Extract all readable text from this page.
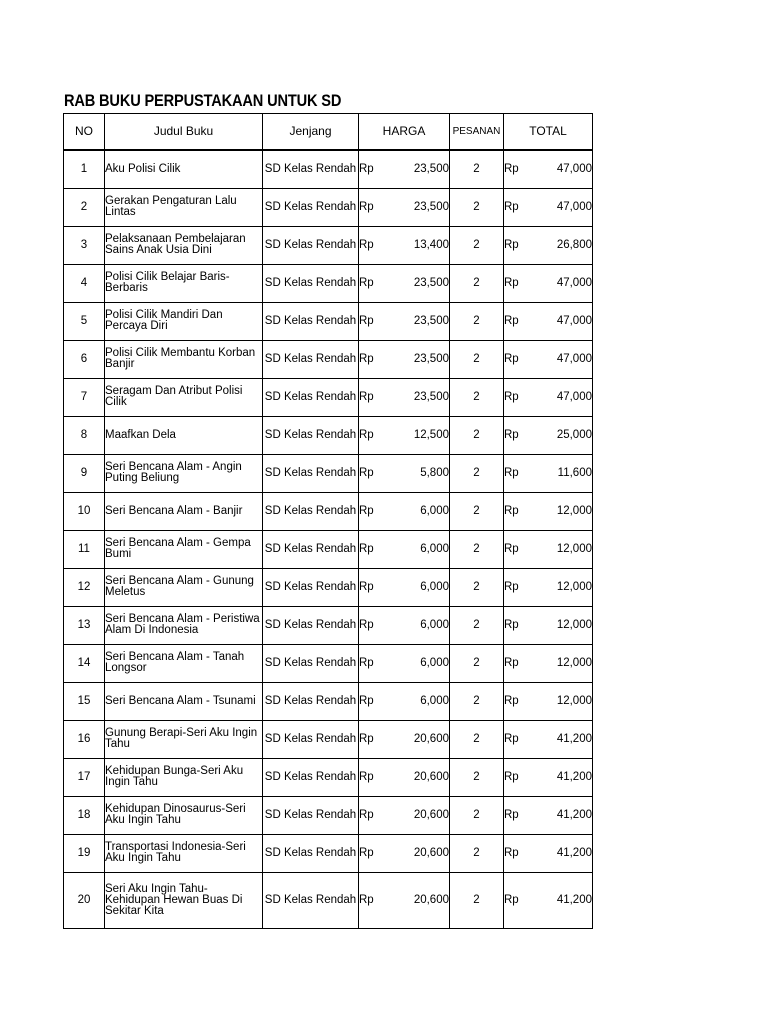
RAB BUKU PERPUSTAKAAN UNTUK SD
NO	Judul Buku	Jenjang	HARGA		PESANAN	TOTAL	
1	Aku Polisi Cilik	SD Kelas Rendah	Rp	23,500	2	Rp	47,000
2	Gerakan Pengaturan Lalu Lintas	SD Kelas Rendah	Rp	23,500	2	Rp	47,000
3	Pelaksanaan Pembelajaran Sains Anak Usia Dini	SD Kelas Rendah	Rp	13,400	2	Rp	26,800
4	Polisi Cilik Belajar Baris-Berbaris	SD Kelas Rendah	Rp	23,500	2	Rp	47,000
5	Polisi Cilik Mandiri Dan Percaya Diri	SD Kelas Rendah	Rp	23,500	2	Rp	47,000
6	Polisi Cilik Membantu Korban Banjir	SD Kelas Rendah	Rp	23,500	2	Rp	47,000
7	Seragam Dan Atribut Polisi Cilik	SD Kelas Rendah	Rp	23,500	2	Rp	47,000
8	Maafkan Dela	SD Kelas Rendah	Rp	12,500	2	Rp	25,000
9	Seri Bencana Alam - Angin Puting Beliung	SD Kelas Rendah	Rp	5,800	2	Rp	11,600
10	Seri Bencana Alam - Banjir	SD Kelas Rendah	Rp	6,000	2	Rp	12,000
11	Seri Bencana Alam - Gempa Bumi	SD Kelas Rendah	Rp	6,000	2	Rp	12,000
12	Seri Bencana Alam - Gunung Meletus	SD Kelas Rendah	Rp	6,000	2	Rp	12,000
13	Seri Bencana Alam - Peristiwa Alam Di Indonesia	SD Kelas Rendah	Rp	6,000	2	Rp	12,000
14	Seri Bencana Alam - Tanah Longsor	SD Kelas Rendah	Rp	6,000	2	Rp	12,000
15	Seri Bencana Alam - Tsunami	SD Kelas Rendah	Rp	6,000	2	Rp	12,000
16	Gunung Berapi-Seri Aku Ingin Tahu	SD Kelas Rendah	Rp	20,600	2	Rp	41,200
17	Kehidupan Bunga-Seri Aku Ingin Tahu	SD Kelas Rendah	Rp	20,600	2	Rp	41,200
18	Kehidupan Dinosaurus-Seri Aku Ingin Tahu	SD Kelas Rendah	Rp	20,600	2	Rp	41,200
19	Transportasi Indonesia-Seri Aku Ingin Tahu	SD Kelas Rendah	Rp	20,600	2	Rp	41,200
20	Seri Aku Ingin Tahu-Kehidupan Hewan Buas Di Sekitar Kita	SD Kelas Rendah	Rp	20,600	2	Rp	41,200
